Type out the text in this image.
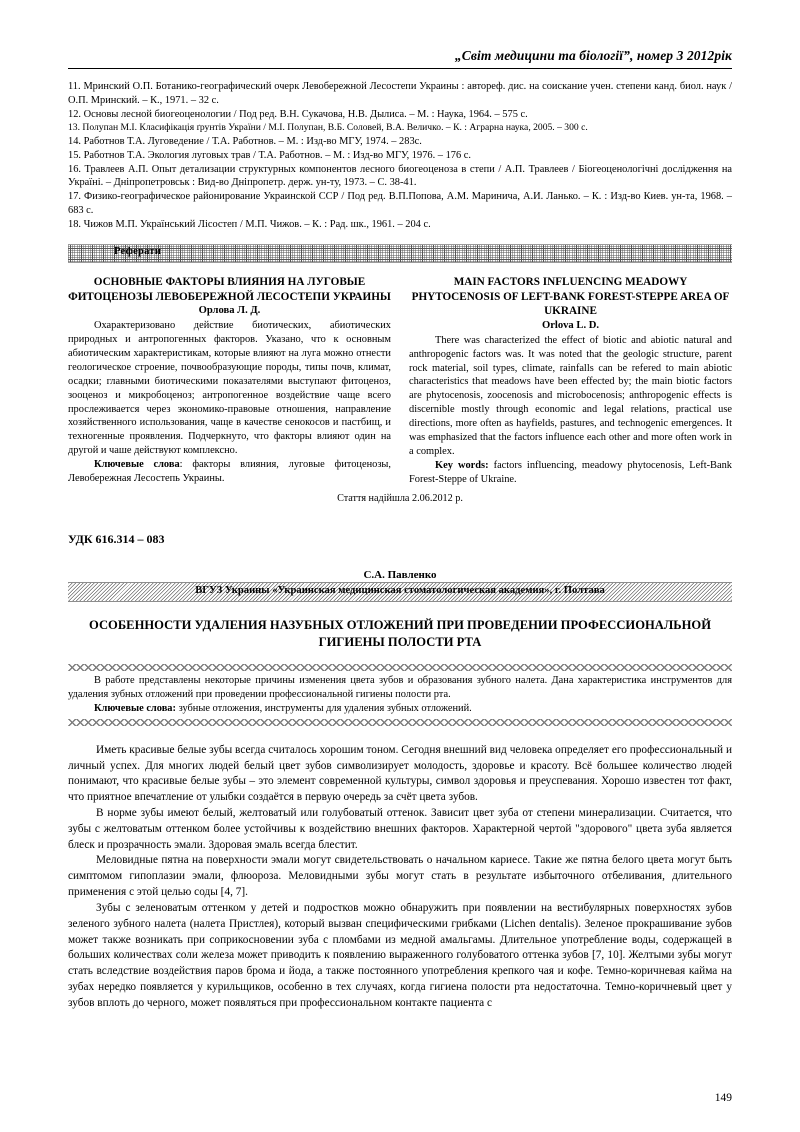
„Світ медицини та біології”, номер 3 2012рік
11. Мринский О.П. Ботанико-географический очерк Левобережной Лесостепи Украины : автореф. дис. на соискание учен. степени канд. биол. наук / О.П. Мринский. – К., 1971. – 32 с.
12. Основы лесной биогеоценологии / Под ред. В.Н. Сукачова, Н.В. Дылиса. – М. : Наука, 1964. – 575 с.
13. Полупан М.І. Класифікація ґрунтів України / М.І. Полупан, В.Б. Соловей, В.А. Величко. – К. : Аграрна наука, 2005. – 300 с.
14. Работнов Т.А. Луговедение / Т.А. Работнов. – М. : Изд-во МГУ, 1974. – 283с.
15. Работнов Т.А. Экология луговых трав / Т.А. Работнов. – М. : Изд-во МГУ, 1976. – 176 с.
16. Травлеев А.П. Опыт детализации структурных компонентов лесного биогеоценоза в степи / А.П. Травлеев / Біогеоценологічні дослідження на Україні. – Дніпропетровськ : Вид-во Дніпропетр. держ. ун-ту, 1973. – С. 38-41.
17. Физико-географическое районирование Украинской ССР / Под ред. В.П.Попова, А.М. Маринича, А.И. Ланько. – К. : Изд-во Киев. ун-та, 1968. – 683 с.
18. Чижов М.П. Український Лісостеп / М.П. Чижов. – К. : Рад. шк., 1961. – 204 с.
Реферати
ОСНОВНЫЕ ФАКТОРЫ ВЛИЯНИЯ НА ЛУГОВЫЕ ФИТОЦЕНОЗЫ ЛЕВОБЕРЕЖНОЙ ЛЕСОСТЕПИ УКРАИНЫ
Орлова Л. Д.

Охарактеризовано действие биотических, абиотических природных и антропогенных факторов. Указано, что к основным абиотическим характеристикам, которые влияют на луга можно отнести геологическое строение, почвообразующие породы, типы почв, климат, осадки; главными биотическими показателями выступают фитоценоз, зооценоз и микробоценоз; антропогенное воздействие чаще всего прослеживается через экономико-правовые отношения, направление хозяйственного использования, чаще в качестве сенокосов и пастбищ, и техногенные проявления. Подчеркнуто, что факторы влияют один на другой и чаше действуют комплексно.

Ключевые слова: факторы влияния, луговые фитоценозы, Левобережная Лесостепь Украины.

MAIN FACTORS INFLUENCING MEADOWY PHYTOCENOSIS OF LEFT-BANK FOREST-STEPPE AREA OF UKRAINE
Orlova L. D.

There was characterized the effect of biotic and abiotic natural and anthropogenic factors was. It was noted that the geologic structure, parent rock material, soil types, climate, rainfalls can be refered to main abiotic characteristics that meadows have been effected by; the main biotic factors are phytocenosis, zoocenosis and microbocenosis; anthropogenic effects is discernible mostly through economic and legal relations, practical use directions, more often as hayfields, pastures, and technogenic emergences. It was emphasized that the factors influence each other and more often work in a complex.

Key words: factors influencing, meadowy phytocenosis, Left-Bank Forest-Steppe of Ukraine.

Стаття надійшла 2.06.2012 р.
УДК 616.314 – 083
С.А. Павленко
ВГУЗ Украины «Украинская медицинская стоматологическая академия», г. Полтава
ОСОБЕННОСТИ УДАЛЕНИЯ НАЗУБНЫХ ОТЛОЖЕНИЙ ПРИ ПРОВЕДЕНИИ ПРОФЕССИОНАЛЬНОЙ ГИГИЕНЫ ПОЛОСТИ РТА

В работе представлены некоторые причины изменения цвета зубов и образования зубного налета. Дана характеристика инструментов для удаления зубных отложений при проведении профессиональной гигиены полости рта.

Ключевые слова: зубные отложения, инструменты для удаления зубных отложений.

Иметь красивые белые зубы всегда считалось хорошим тоном. Сегодня внешний вид человека определяет его профессиональный и личный успех. Для многих людей белый цвет зубов символизирует молодость, здоровье и красоту. Всё большее количество людей понимают, что красивые белые зубы – это элемент современной культуры, символ здоровья и преуспевания. Хорошо известен тот факт, что приятное впечатление от улыбки создаётся в первую очередь за счёт цвета зубов.

В норме зубы имеют белый, желтоватый или голубоватый оттенок. Зависит цвет зуба от степени минерализации. Считается, что зубы с желтоватым оттенком более устойчивы к воздействию внешних факторов. Характерной чертой "здорового" цвета зуба является блеск и прозрачность эмали. Здоровая эмаль всегда блестит.

Меловидные пятна на поверхности эмали могут свидетельствовать о начальном кариесе. Такие же пятна белого цвета могут быть симптомом гипоплазии эмали, флюороза. Меловидными зубы могут стать в результате избыточного отбеливания, длительного применения с этой целью соды [4, 7].

Зубы с зеленоватым оттенком у детей и подростков можно обнаружить при появлении на вестибулярных поверхностях зубов зеленого зубного налета (налета Пристлея), который вызван специфическими грибками (Lichen dentalis). Зеленое прокрашивание зубов может также возникать при соприкосновении зуба с пломбами из медной амальгамы. Длительное употребление воды, содержащей в больших количествах соли железа может приводить к появлению выраженного голубоватого оттенка зубов [7, 10]. Желтыми зубы могут стать вследствие воздействия паров брома и йода, а также постоянного употребления крепкого чая и кофе. Темно-коричневая кайма на зубах нередко появляется у курильщиков, особенно в тех случаях, когда гигиена полости рта недостаточна. Темно-коричневый цвет у зубов вплоть до черного, может появляться при профессиональном контакте пациента с

149
